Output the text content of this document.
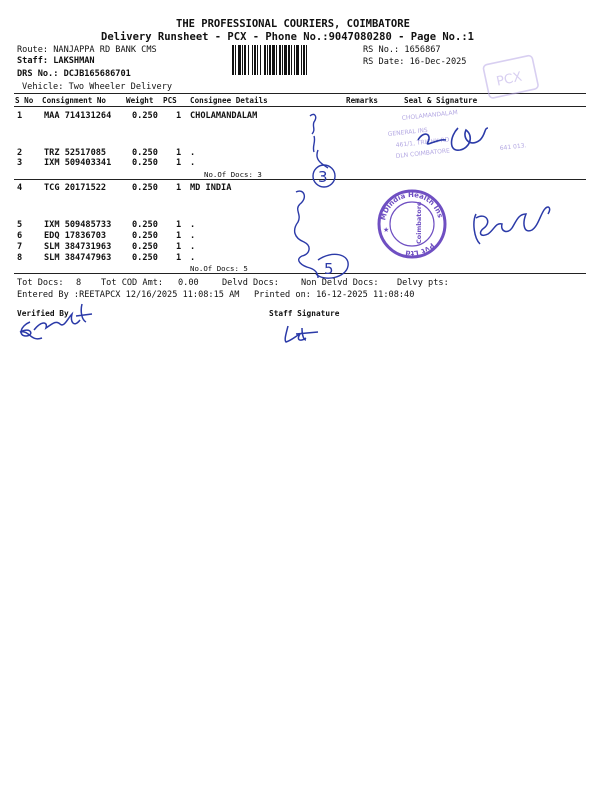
THE PROFESSIONAL COURIERS, COIMBATORE
Delivery Runsheet - PCX - Phone No.:9047080280 - Page No.:1
Route: NANJAPPA RD BANK CMS
Staff: LAKSHMAN
DRS No.: DCJB165686701
Vehicle: Two Wheeler Delivery
RS No.: 1656867
RS Date: 16-Dec-2025
S No Consignment No	Weight PCS Consignee Details	Remarks	Seal & Signature
1	MAA 714131264 0.250 1 CHOLAMANDALAM
2	TRZ 52517085	0.250 1 .
3	IXM 509403341 0.250 1 .
No.Of Docs: 3
4	TCG 20171522	0.250 1 MD INDIA
5	IXM 509485733 0.250 1 .
6	EDQ 17836703	0.250 1 .
7	SLM 384731963 0.250 1 .
8	SLM 384747963 0.250 1 .
No.Of Docs: 5
Tot Docs: 8 Tot COD Amt: 0.00	Delvd Docs:	Non Delvd Docs: Delvy pts:
Entered By :REETAPCX 12/16/2025 11:08:15 AM Printed on: 16-12-2025 11:08:40
Verified By	Staff Signature
PCX
CHOLAMANDALAM
GENERAL INS
461/1, TRICHY RD
DLN COIMBATORE
641 013.
3
5
MDIndia Health Ins
Pvt Ltd
Coimbatore
★
